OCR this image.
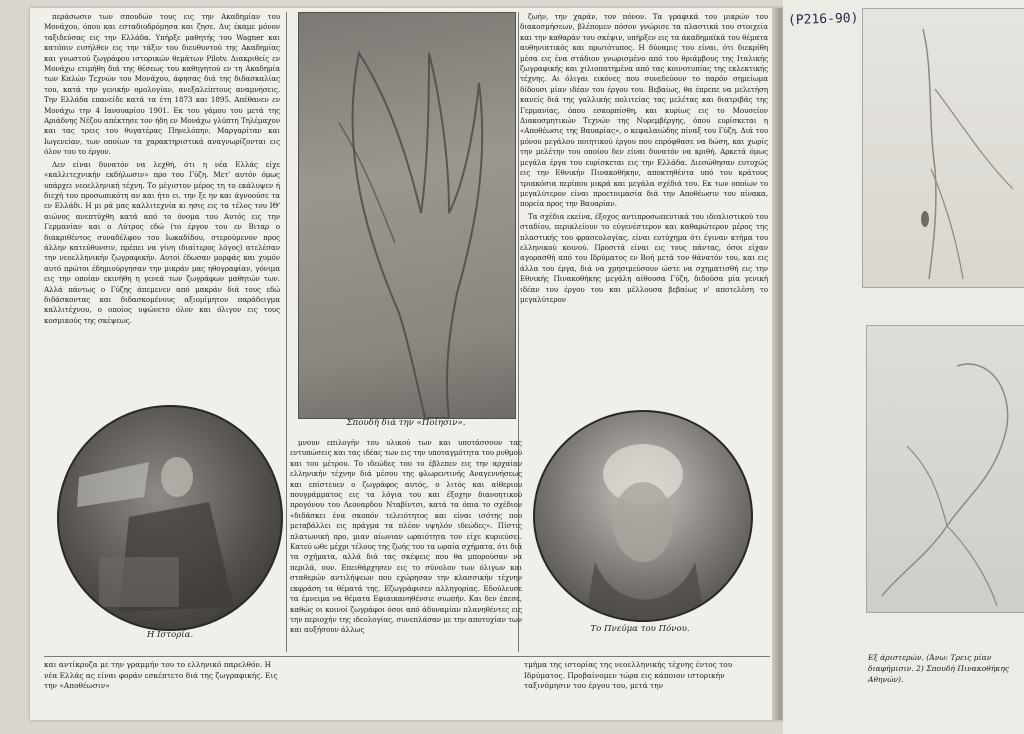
(P216-90)

περάσωσιν των σπουδών τους εις την Ακαδημίαν του Μονάχου, όπου και εσταδιοδρόμησα και ζησε. Δις έκαμε μόνον ταξιδεύσας εις την Ελλάδα. Υπήρξε μαθητής του Wagner και κατόπιν εισήλθεν εις την τάξιν του διευθυντού της Ακαδημίας και γνωστού ζωγράφου ιστορικών θεμάτων Pilotv. Διακριθείς εν Μονάχω ετιμήθη διά της θέσεως του καθηγητού εν τη Ακαδημία των Καλών Τεχνών του Μονάχου, άφησας διά της διδασκαλίας του, κατά την γενικήν ομολογίαν, ανεξαλείπτους αναμνήσεις. Την Ελλάδα επανείδε κατά τα έτη 1873 και 1895. Απέθανεν εν Μονάχω την 4 Ιανουαρίου 1901. Εκ του γάμου του μετά της Αριάδνης Νέζου απέκτησε τον ήδη εν Μονάχω γλύπτη Τηλέμαχον και τας τρεις του θυγατέρας Πηνελόπην, Μαργαρίταν και Ιωγενείαν, των οποίων τα χαρακτηριστικά αναγνωρίζονται εις όλον του το έργον.

Δεν είναι δυνατόν να λεχθή, ότι η νέα Ελλάς είχε «καλλιτεχνικήν εκδήλωσιν» προ του Γύζη. Μετ' αυτόν όμως υπάρχει νεοελληνική τέχνη. Το μέγιστον μέρος τη το εκάλυψεν ή διεχή του προσωπικότη αν και ήτο ει. την ξε ην και άγνοούσε τα εν Ελλάδι. Η μι ρά μας καλλιτεχνία κι ησις εις τα τέλος του ΙΘ' αιώνος ανεπτύχθη κατά από το όνομα του Αυτός εις την Γερμανίαν και ο Λύτρος εδώ (το έργον του εν Βιταρ ο διακριθέντος συναδέλφου του Ιωκαδίδου, στερούμενον προς άλλην κατεύθυνσιν, πρέπει να γίνη ιδιαίτερος λόγος) ατελέσαν την νεοελληνικήν ζωγραφικήν. Αυτοί έδωσαν μορφάς και χυμόν αυτό πρώτοι έδημιούργησαν την μικράν μας ηθογραφίαν, γόνιμα εις την οποίαν εκινήθη η γενεά των ζωγράφων μαθητών των. Αλλά πάντως ο Γύζης άπεμενεν από μακράν διά τους εδώ διδάσκοντας και διδασκομένους αξιομίμητον παράδειγμα καλλιτέχνου, ο οποίος υψώνετο όλον και όλιγον εις τους κοσμικούς της σκέψεως.

Σπουδή διά την «Ποίησιν».
Η Ιστορία.

μνουν επιλογήν του υλικού των και υποτάσσουν τας εντυπώσεις και τας ιδέας των εις την υποταγμότητα του ρυθμού και του μέτρου. Το ιδεώδες του το έβλεπεν εις την αρχαίαν ελληνικήν τέχνην διά μέσου της φλωρεντινής Αναγεννήσεως και επίστευεν ο ζωγράφος αυτός, ο λιτός και αίθεριου πουγράμματος εις τα λόγια του και έξοχην διανοητικού προγόνου του Λεοναρδου Νταβίντσι, κατά τα όπια το σχέδιον «διδάσκει ένα σκοπόν τελειότητος και είναι ισότης που μεταβάλλει εις πράγμα τα πλέον υψηλόν ιδεώδες». Πίστις πλατωνική προ, μιαν αίωνιαν ωραιότητα τον είχε κυριεύσει. Κατεύ ωθε μέχρι τέλους της ζωής του τα ωραία σχήματα, ότι διά τα σχήματα, αλλά διά τας σκέψεις που θα μπορούσαν να περιλά, ουν. Επειθάρχησεν εις το σύνολον των όλιγων και σταθερών αντιλήψεων που εχώρησαν την κλασσικήν τέχνην εκφράση τα θέματά της. Εζωγράφισεν αλληγορίας. Εδούλευσε τα έμνειμα να θέματα Εφιαικανηθένσιε σιωπήν. Και δεν έπεσε, καθώς οι κοινοί ζωγράφοι όσοι από άδυναμίαν πλανηθέντες εις την περιοχήν της ιδεολογίας, συνεπλάσαν με την αποτυχίαν των και αυξήσουν άλλως

ζωήν, την χαράν, τον πόνον. Τα γραφικά του μικρών του διακοσμήσεων, βλέπομεν πόσον γνώρισε τα πλαστικά του στοιχεία και την καθαράν του σκέψιν, υπήρξεν εις τα άκαδημαϊκά του θέματα αυθηνιατικός και πρωτότυπος. Η δύναμις του είναι, ότι διεκρίθη μέσα εις ένα στάδιον γνωρισμένο από του θριάμβους της Ιταλικής ζωγραφικής και χιλιοπατημένα από τας κοινοτυπίας της εκλεκτικής τέχνης. Αι όλιγαι εικόνες που συνεδεύουν το παρόν σημείωμα δίδουσι μίαν ιδέαν του έργου του. Βεβαίως, θα έπρεπε να μελετήση κανείς διά της γαλλικής πολιτείας τας μελέτας και διατριβάς της Γερμανίας, όπου εσκορπίσθη, και κυρίως εις το Μουσείον Διακοσμητικών Τεχνών της Νυρεμβέργης, όπου ευρίσκεται η «Αποθέωσις της Βαυαρίας», ο κεφαλαιώδης πίναξ του Γύζη. Διά του μόνου μεγάλου ποιητικού έργου που επρόφθασε να δώση, και χωρίς την μελέτην του οποίου δεν είναι δυνατόν να κριθή. Αρκετά όμως μεγάλα έργα του ευρίσκεται εις την Ελλάδα. Διεσώθησαν ευτυχώς εις την Εθνικήν Πινακοθήκην, αποκτηθέντα υπό του κράτους τριακόσια περίπου μικρά και μεγάλα σχέδιά του. Εκ των οποίων το μεγαλύτερον είναι προετοιμασία διά την Αποθέωσιν του πίνακα, πορεία προς την Βαυαρίαν.

Τα σχέδια εκείνα, έξοχος αντιπροσωπευτικά του ιδεαλιστικού του σταδίου, περικλείουν το εύγενέστερον και καθαρώτερον μέρος της πλαστικής του φρασεολογίας, είναι ευτύχημα ότι έγιναν κτήμα του ελληνικού κοινού. Προσιτά είναι εις τους πάντας, όσοι είχαν αγορασθή από του Ιδρύματος εν Βοή μετά τον θάνατόν του, και εις άλλα του έργα, διά να χρησιμεύσουν ώστε να σχηματισθή εις την Εθνικής Πινακοθήκης μεγάλη αίθουσα Γύζη, διδούσα μία γενική ιδέαν του έργου του και μέλλουσα βεβαίως ν' αποτελέση το μεγαλύτερον

Το Πνεύμα του Πόνου.
και αντίκρυζα με την γραμμήν του το ελληνικό παρελθόν. Η νέα Ελλάς ας είναι φοράν εσκέπτετο διά της ζωγραφικής. Εις την «Αποθέωσιν»
τμήμα της ιστορίας της νεοελληνικής τέχνης έντος του Ιδρύματος. Προβαίνομεν τώρα εις κάποιον ιστορικήν ταξινόμησιν του έργου του, μετά την
Εξ άριστερών. (Άνω: Τρεις μίαν διαφήμισιν. 2) Σπουδή Πινακοθήκης Αθηνών).
